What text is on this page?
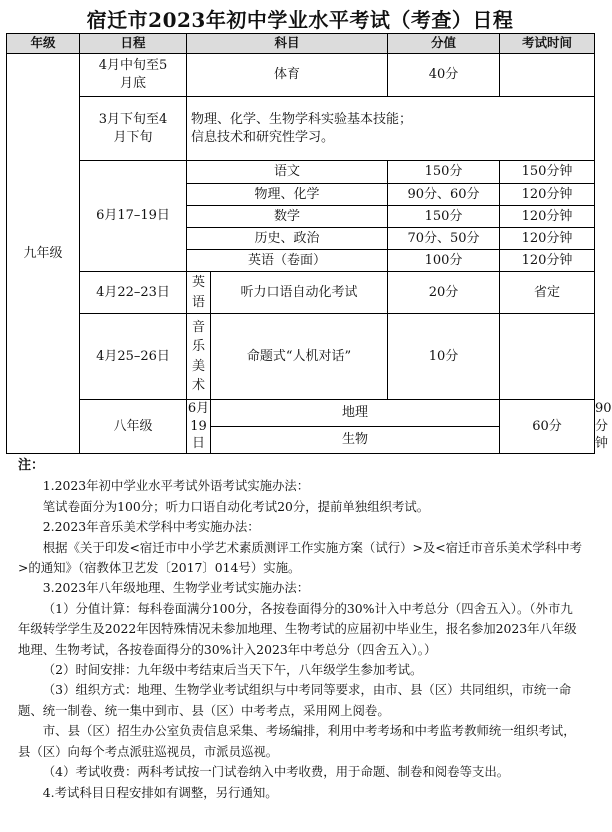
宿迁市2023年初中学业水平考试（考查）日程
年级	日程	科目		分值	考试时间	
九年级	4月中旬至5月底	体育		40分		
	3月下旬至4月下旬	物理、化学、生物学科实验基本技能；信息技术和研究性学习。				
	6月17–19日	语文		150分	150分钟	
		物理、化学		90分、60分	120分钟	
		数学		150分	120分钟	
		历史、政治		70分、50分	120分钟	
		英语（卷面）		100分	120分钟	
	4月22–23日	英语	听力口语自动化考试	20分	省定	
	4月25–26日	音乐美术	命题式“人机对话”	10分		
	八年级	6月19日	地理		60分	90分钟
			生物			

注：

1.2023年初中学业水平考试外语考试实施办法：

笔试卷面分为100分；听力口语自动化考试20分，提前单独组织考试。

2.2023年音乐美术学科中考实施办法：

根据《关于印发<宿迁市中小学艺术素质测评工作实施方案（试行）>及<宿迁市音乐美术学科中考>的通知》（宿教体卫艺发〔2017〕014号）实施。

3.2023年八年级地理、生物学业考试实施办法：

（1）分值计算：每科卷面满分100分，各按卷面得分的30%计入中考总分（四舍五入）。（外市九年级转学学生及2022年因特殊情况未参加地理、生物考试的应届初中毕业生，报名参加2023年八年级地理、生物考试，各按卷面得分的30%计入2023年中考总分（四舍五入）。）

（2）时间安排：九年级中考结束后当天下午，八年级学生参加考试。

（3）组织方式：地理、生物学业考试组织与中考同等要求，由市、县（区）共同组织，市统一命题、统一制卷、统一集中到市、县（区）中考考点，采用网上阅卷。

市、县（区）招生办公室负责信息采集、考场编排，利用中考考场和中考监考教师统一组织考试，县（区）向每个考点派驻巡视员，市派员巡视。

（4）考试收费：两科考试按一门试卷纳入中考收费，用于命题、制卷和阅卷等支出。

4.考试科目日程安排如有调整，另行通知。
